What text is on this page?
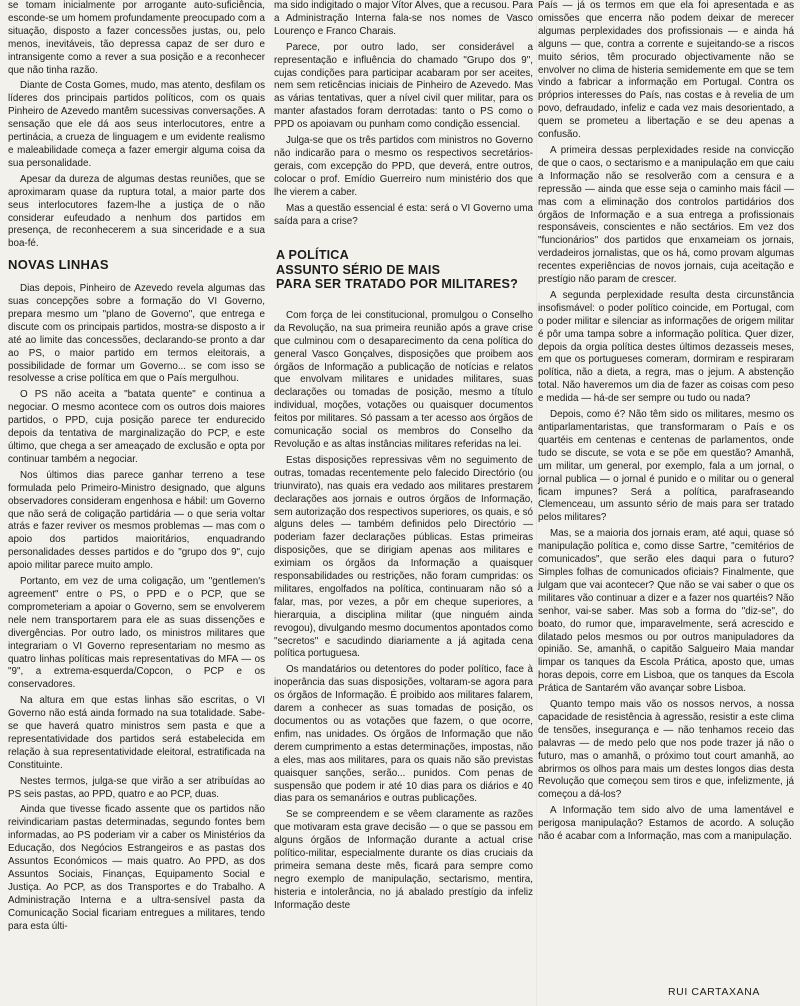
se tomam inicialmente por arrogante auto-suficiência, esconde-se um homem profundamente preocupado com a situação, disposto a fazer concessões justas, ou, pelo menos, inevitáveis, tão depressa capaz de ser duro e intransigente como a rever a sua posição e a reconhecer que não tinha razão.

Diante de Costa Gomes, mudo, mas atento, desfilam os líderes dos principais partidos políticos, com os quais Pinheiro de Azevedo mantêm sucessivas conversações. A sensação que ele dá aos seus interlocutores, entre a pertinácia, a crueza de linguagem e um evidente realismo e maleabilidade começa a fazer emergir alguma coisa da sua personalidade.

Apesar da dureza de algumas destas reuniões, que se aproximaram quase da ruptura total, a maior parte dos seus interlocutores fazem-lhe a justiça de o não considerar eufeudado a nenhum dos partidos em presença, de reconhecerem a sua sinceridade e a sua boa-fé.

NOVAS LINHAS

Dias depois, Pinheiro de Azevedo revela algumas das suas concepções sobre a formação do VI Governo, prepara mesmo um "plano de Governo", que entrega e discute com os principais partidos, mostra-se disposto a ir até ao limite das concessões, declarando-se pronto a dar ao PS, o maior partido em termos eleitorais, a possibilidade de formar um Governo... se com isso se resolvesse a crise política em que o País mergulhou.

O PS não aceita a "batata quente" e continua a negociar. O mesmo acontece com os outros dois maiores partidos, o PPD, cuja posição parece ter endurecido depois da tentativa de marginalização do PCP, e este último, que chega a ser ameaçado de exclusão e opta por continuar também a negociar.

Nos últimos dias parece ganhar terreno a tese formulada pelo Primeiro-Ministro designado, que alguns observadores consideram engenhosa e hábil: um Governo que não será de coligação partidária — o que seria voltar atrás e fazer reviver os mesmos problemas — mas com o apoio dos partidos maioritários, enquadrando personalidades desses partidos e do "grupo dos 9", cujo apoio militar parece muito amplo.

Portanto, em vez de uma coligação, um "gentlemen's agreement" entre o PS, o PPD e o PCP, que se comprometeriam a apoiar o Governo, sem se envolverem nele nem transportarem para ele as suas dissenções e divergências. Por outro lado, os ministros militares que integrariam o VI Governo representariam no mesmo as quatro linhas políticas mais representativas do MFA — os "9", a extrema-esquerda/Copcon, o PCP e os conservadores.

Na altura em que estas linhas são escritas, o VI Governo não está ainda formado na sua totalidade. Sabe-se que haverá quatro ministros sem pasta e que a representatividade dos partidos será estabelecida em relação à sua representatividade eleitoral, estratificada na Constituinte.

Nestes termos, julga-se que virão a ser atribuídas ao PS seis pastas, ao PPD, quatro e ao PCP, duas.

Ainda que tivesse ficado assente que os partidos não reivindicariam pastas determinadas, segundo fontes bem informadas, ao PS poderiam vir a caber os Ministérios da Educação, dos Negócios Estrangeiros e as pastas dos Assuntos Económicos — mais quatro. Ao PPD, as dos Assuntos Sociais, Finanças, Equipamento Social e Justiça. Ao PCP, as dos Transportes e do Trabalho. A Administração Interna e a ultra-sensível pasta da Comunicação Social ficariam entregues a militares, tendo para esta últi-

ma sido indigitado o major Vítor Alves, que a recusou. Para a Administração Interna fala-se nos nomes de Vasco Lourenço e Franco Charais.

Parece, por outro lado, ser considerável a representação e influência do chamado "Grupo dos 9", cujas condições para participar acabaram por ser aceites, nem sem reticências iniciais de Pinheiro de Azevedo. Mas as várias tentativas, quer a nível civil quer militar, para os manter afastados foram derrotadas: tanto o PS como o PPD os apoiavam ou punham como condição essencial.

Julga-se que os três partidos com ministros no Governo não indicarão para o mesmo os respectivos secretários-gerais, com excepção do PPD, que deverá, entre outros, colocar o prof. Emídio Guerreiro num ministério dos que lhe vierem a caber.

Mas a questão essencial é esta: será o VI Governo uma saída para a crise?

A POLÍTICA
ASSUNTO SÉRIO DE MAIS
PARA SER TRATADO POR MILITARES?

Com força de lei constitucional, promulgou o Conselho da Revolução, na sua primeira reunião após a grave crise que culminou com o desaparecimento da cena política do general Vasco Gonçalves, disposições que proibem aos órgãos de Informação a publicação de notícias e relatos que envolvam militares e unidades militares, suas declarações ou tomadas de posição, mesmo a título individual, moções, votações ou quaisquer documentos feitos por militares. Só passam a ter acesso aos órgãos de comunicação social os membros do Conselho da Revolução e as altas instâncias militares referidas na lei.

Estas disposições repressivas vêm no seguimento de outras, tomadas recentemente pelo falecido Directório (ou triunvirato), nas quais era vedado aos militares prestarem declarações aos jornais e outros órgãos de Informação, sem autorização dos respectivos superiores, os quais, e só alguns deles — também definidos pelo Directório — poderiam fazer declarações públicas. Estas primeiras disposições, que se dirigiam apenas aos militares e eximiam os órgãos da Informação a quaisquer responsabilidades ou restrições, não foram cumpridas: os militares, engolfados na política, continuaram não só a falar, mas, por vezes, a pôr em cheque superiores, a hierarquia, a disciplina militar (que ninguém ainda revogou), divulgando mesmo documentos apontados como "secretos" e sacudindo diariamente a já agitada cena política portuguesa.

Os mandatários ou detentores do poder político, face à inoperância das suas disposições, voltaram-se agora para os órgãos de Informação. É proibido aos militares falarem, darem a conhecer as suas tomadas de posição, os documentos ou as votações que fazem, o que ocorre, enfim, nas unidades. Os órgãos de Informação que não derem cumprimento a estas determinações, impostas, não a eles, mas aos militares, para os quais não são previstas quaisquer sanções, serão... punidos. Com penas de suspensão que podem ir até 10 dias para os diários e 40 dias para os semanários e outras publicações.

Se se compreendem e se vêem claramente as razões que motivaram esta grave decisão — o que se passou em alguns órgãos de Informação durante a actual crise político-militar, especialmente durante os dias cruciais da primeira semana deste mês, ficará para sempre como negro exemplo de manipulação, sectarismo, mentira, histeria e intolerância, no já abalado prestígio da infeliz Informação deste

País — já os termos em que ela foi apresentada e as omissões que encerra não podem deixar de merecer algumas perplexidades dos profissionais — e ainda há alguns — que, contra a corrente e sujeitando-se a riscos muito sérios, têm procurado objectivamente não se envolver no clima de histeria semidemente em que se tem vindo a fabricar a informação em Portugal. Contra os próprios interesses do País, nas costas e à revelia de um povo, defraudado, infeliz e cada vez mais desorientado, a quem se prometeu a libertação e se deu apenas a confusão.

A primeira dessas perplexidades reside na convicção de que o caos, o sectarismo e a manipulação em que caiu a Informação não se resolverão com a censura e a repressão — ainda que esse seja o caminho mais fácil — mas com a eliminação dos controlos partidários dos órgãos de Informação e a sua entrega a profissionais responsáveis, conscientes e não sectários. Em vez dos "funcionários" dos partidos que enxameiam os jornais, verdadeiros jornalistas, que os há, como provam algumas recentes experiências de novos jornais, cuja aceitação e prestígio não param de crescer.

A segunda perplexidade resulta desta circunstância insofismável: o poder político coincide, em Portugal, com o poder militar e silenciar as informações de origem militar é pôr uma tampa sobre a informação política. Quer dizer, depois da orgia política destes últimos dezasseis meses, em que os portugueses comeram, dormiram e respiraram política, não a dieta, a regra, mas o jejum. A abstenção total. Não haveremos um dia de fazer as coisas com peso e medida — há-de ser sempre ou tudo ou nada?

Depois, como é? Não têm sido os militares, mesmo os antiparlamentaristas, que transformaram o País e os quartéis em centenas e centenas de parlamentos, onde tudo se discute, se vota e se põe em questão? Amanhã, um militar, um general, por exemplo, fala a um jornal, o jornal publica — o jornal é punido e o militar ou o general ficam impunes? Será a política, parafraseando Clemenceau, um assunto sério de mais para ser tratado pelos militares?

Mas, se a maioria dos jornais eram, até aqui, quase só manipulação política e, como disse Sartre, "cemitérios de comunicados", que serão eles daqui para o futuro? Simples folhas de comunicados oficiais? Finalmente, que julgam que vai acontecer? Que não se vai saber o que os militares vão continuar a dizer e a fazer nos quartéis? Não senhor, vai-se saber. Mas sob a forma do "diz-se", do boato, do rumor que, imparavelmente, será acrescido e dilatado pelos mesmos ou por outros manipuladores da opinião. Se, amanhã, o capitão Salgueiro Maia mandar limpar os tanques da Escola Prática, aposto que, umas horas depois, corre em Lisboa, que os tanques da Escola Prática de Santarém vão avançar sobre Lisboa.

Quanto tempo mais vão os nossos nervos, a nossa capacidade de resistência à agressão, resistir a este clima de tensões, insegurança e — não tenhamos receio das palavras — de medo pelo que nos pode trazer já não o futuro, mas o amanhã, o próximo tout court amanhã, ao abrirmos os olhos para mais um destes longos dias desta Revolução que começou sem tiros e que, infelizmente, já começou a dá-los?

A Informação tem sido alvo de uma lamentável e perigosa manipulação? Estamos de acordo. A solução não é acabar com a Informação, mas com a manipulação.

RUI CARTAXANA
